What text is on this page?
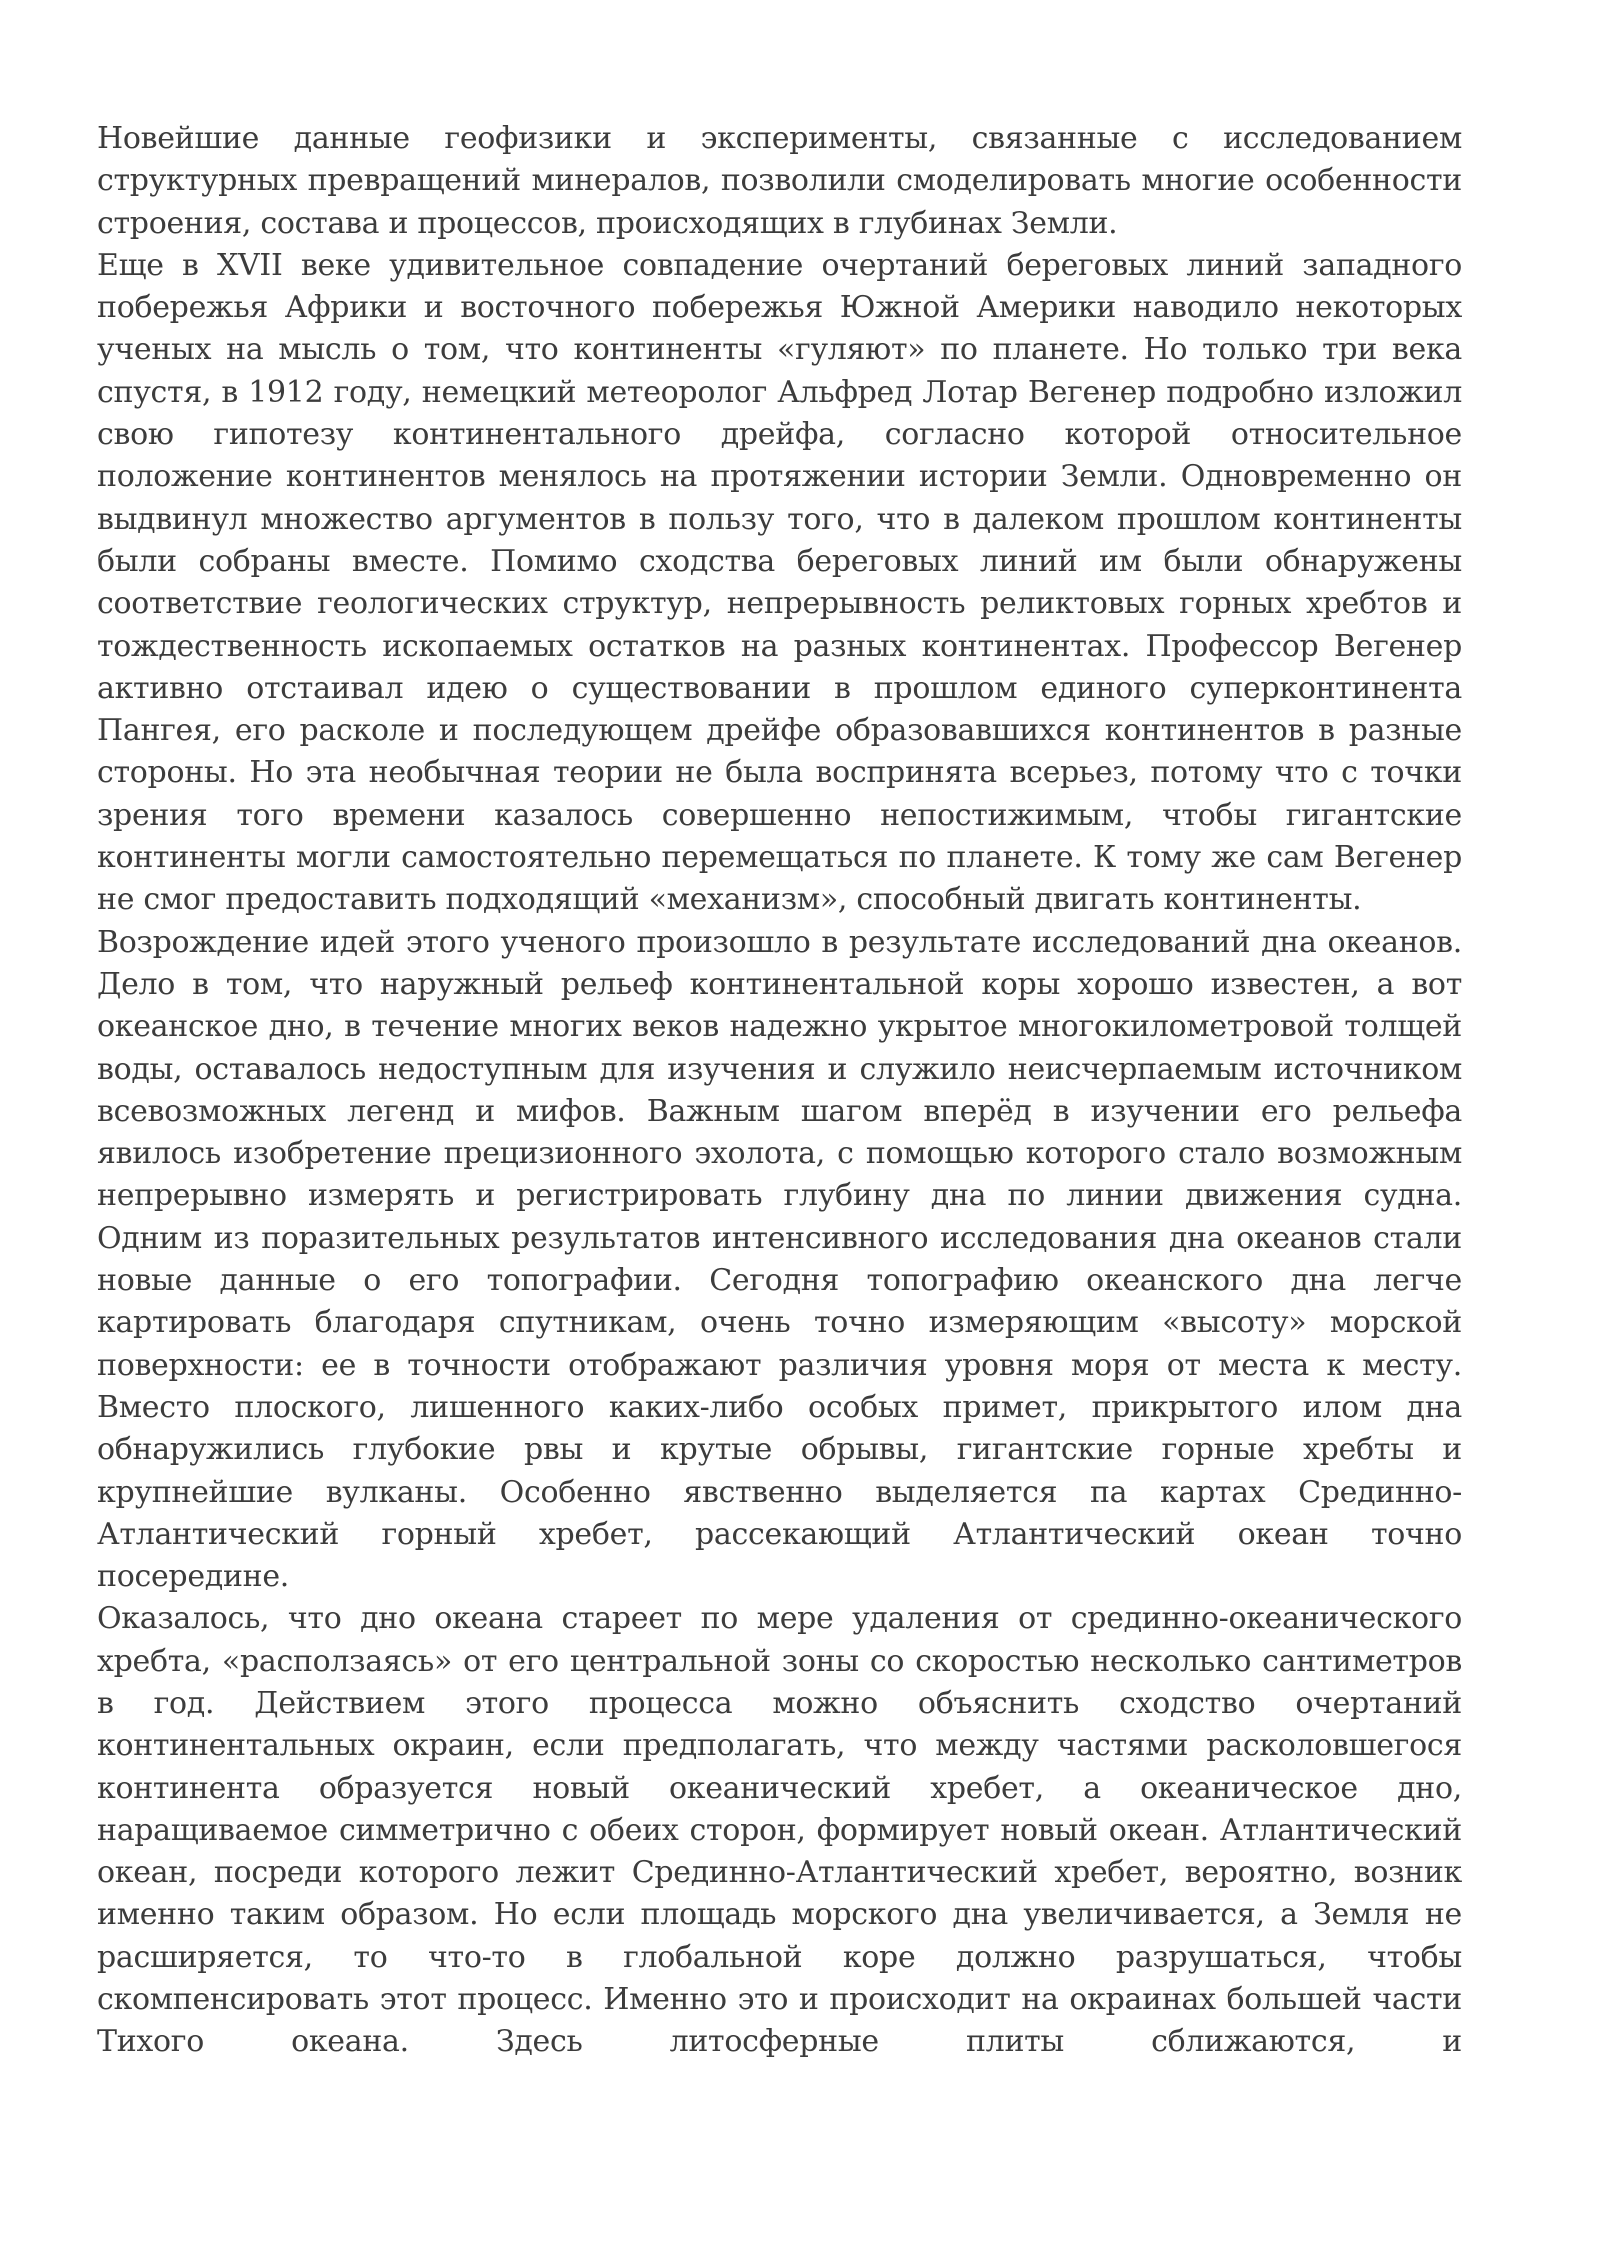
Новейшие данные геофизики и эксперименты, связанные с исследованием структурных превращений минералов, позволили смоделировать многие особенности строения, состава и процессов, происходящих в глубинах Земли.

Еще в XVII веке удивительное совпадение очертаний береговых линий западного побережья Африки и восточного побережья Южной Америки наводило некоторых ученых на мысль о том, что континенты «гуляют» по планете. Но только три века спустя, в 1912 году, немецкий метеоролог Альфред Лотар Вегенер подробно изложил свою гипотезу континентального дрейфа, согласно которой относительное положение континентов менялось на протяжении истории Земли. Одновременно он выдвинул множество аргументов в пользу того, что в далеком прошлом континенты были собраны вместе. Помимо сходства береговых линий им были обнаружены соответствие геологических структур, непрерывность реликтовых горных хребтов и тождественность ископаемых остатков на разных континентах. Профессор Вегенер активно отстаивал идею о существовании в прошлом единого суперконтинента Пангея, его расколе и последующем дрейфе образовавшихся континентов в разные стороны. Но эта необычная теории не была воспринята всерьез, потому что с точки зрения того времени казалось совершенно непостижимым, чтобы гигантские континенты могли самостоятельно перемещаться по планете. К тому же сам Вегенер не смог предоставить подходящий «механизм», способный двигать континенты.

Возрождение идей этого ученого произошло в результате исследований дна океанов. Дело в том, что наружный рельеф континентальной коры хорошо известен, а вот океанское дно, в течение многих веков надежно укрытое многокилометровой толщей воды, оставалось недоступным для изучения и служило неисчерпаемым источником всевозможных легенд и мифов. Важным шагом вперёд в изучении его рельефа явилось изобретение прецизионного эхолота, с помощью которого стало возможным непрерывно измерять и регистрировать глубину дна по линии движения судна. Одним из поразительных результатов интенсивного исследования дна океанов стали новые данные о его топографии. Сегодня топографию океанского дна легче картировать благодаря спутникам, очень точно измеряющим «высоту» морской поверхности: ее в точности отображают различия уровня моря от места к месту. Вместо плоского, лишенного каких-либо особых примет, прикрытого илом дна обнаружились глубокие рвы и крутые обрывы, гигантские горные хребты и крупнейшие вулканы. Особенно явственно выделяется па картах Срединно-Атлантический горный хребет, рассекающий Атлантический океан точно посередине.

Оказалось, что дно океана стареет по мере удаления от срединно-океанического хребта, «расползаясь» от его центральной зоны со скоростью несколько сантиметров в год. Действием этого процесса можно объяснить сходство очертаний континентальных окраин, если предполагать, что между частями расколовшегося континента образуется новый океанический хребет, а океаническое дно, наращиваемое симметрично с обеих сторон, формирует новый океан. Атлантический океан, посреди которого лежит Срединно-Атлантический хребет, вероятно, возник именно таким образом. Но если площадь морского дна увеличивается, а Земля не расширяется, то что-то в глобальной коре должно разрушаться, чтобы скомпенсировать этот процесс. Именно это и происходит на окраинах большей части Тихого океана. Здесь литосферные плиты сближаются, и
